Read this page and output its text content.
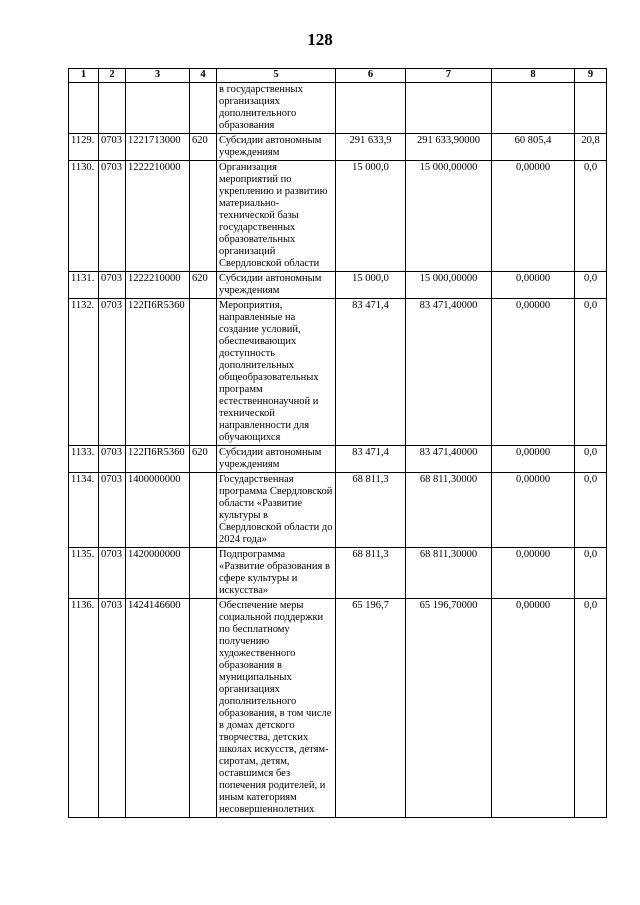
128
1	2	3	4	5	6	7	8	9
				в государственных организациях дополнительного образования				
1129.	0703	1221713000	620	Субсидии автономным учреждениям	291 633,9	291 633,90000	60 805,4	20,8
1130.	0703	1222210000		Организация мероприятий по укреплению и развитию материально-технической базы государственных образовательных организаций Свердловской области	15 000,0	15 000,00000	0,00000	0,0
1131.	0703	1222210000	620	Субсидии автономным учреждениям	15 000,0	15 000,00000	0,00000	0,0
1132.	0703	122П6R5360		Мероприятия, направленные на создание условий, обеспечивающих доступность дополнительных общеобразовательных программ естественнонаучной и технической направленности для обучающихся	83 471,4	83 471,40000	0,00000	0,0
1133.	0703	122П6R5360	620	Субсидии автономным учреждениям	83 471,4	83 471,40000	0,00000	0,0
1134.	0703	1400000000		Государственная программа Свердловской области «Развитие культуры в Свердловской области до 2024 года»	68 811,3	68 811,30000	0,00000	0,0
1135.	0703	1420000000		Подпрограмма «Развитие образования в сфере культуры и искусства»	68 811,3	68 811,30000	0,00000	0,0
1136.	0703	1424146600		Обеспечение меры социальной поддержки по бесплатному получению художественного образования в муниципальных организациях дополнительного образования, в том числе в домах детского творчества, детских школах искусств, детям-сиротам, детям, оставшимся без попечения родителей, и иным категориям несовершеннолетних	65 196,7	65 196,70000	0,00000	0,0
